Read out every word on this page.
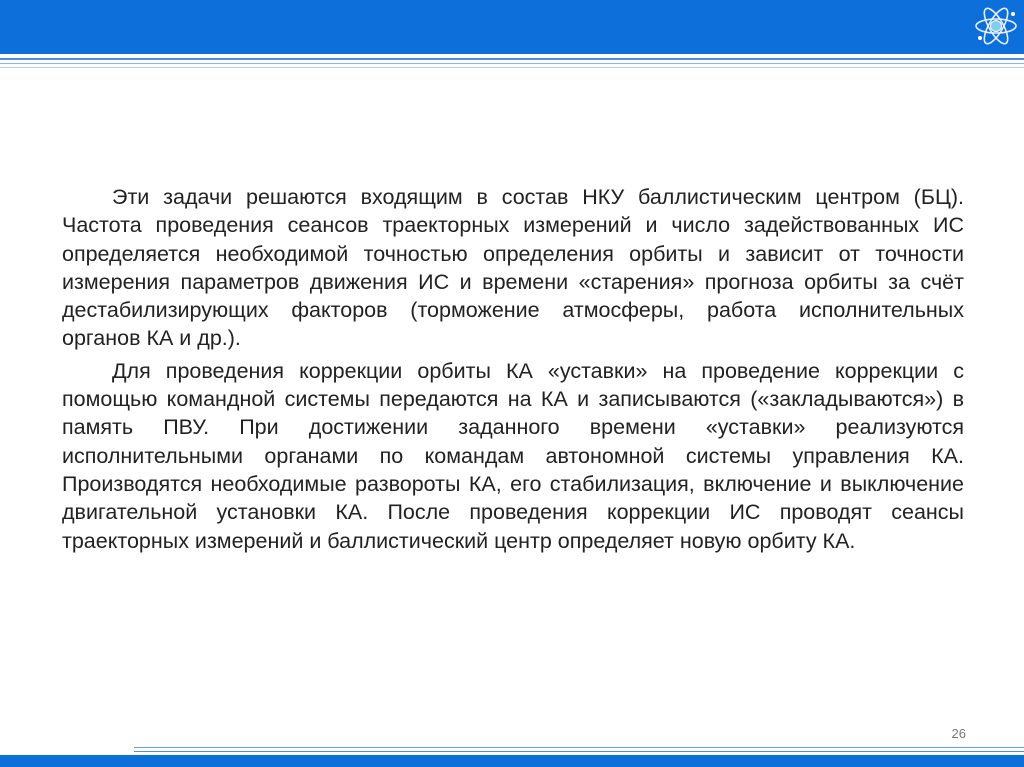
Эти задачи решаются входящим в состав НКУ баллистическим центром (БЦ). Частота проведения сеансов траекторных измерений и число задействованных ИС определяется необходимой точностью определения орбиты и зависит от точности измерения параметров движения ИС и времени «старения» прогноза орбиты за счёт дестабилизирующих факторов (торможение атмосферы, работа исполнительных органов КА и др.).

Для проведения коррекции орбиты КА «уставки» на проведение коррекции с помощью командной системы передаются на КА и записываются («закладываются») в память ПВУ. При достижении заданного времени «уставки» реализуются исполнительными органами по командам автономной системы управления КА. Производятся необходимые развороты КА, его стабилизация, включение и выключение двигательной установки КА. После проведения коррекции ИС проводят сеансы траекторных измерений и баллистический центр определяет новую орбиту КА.

26
